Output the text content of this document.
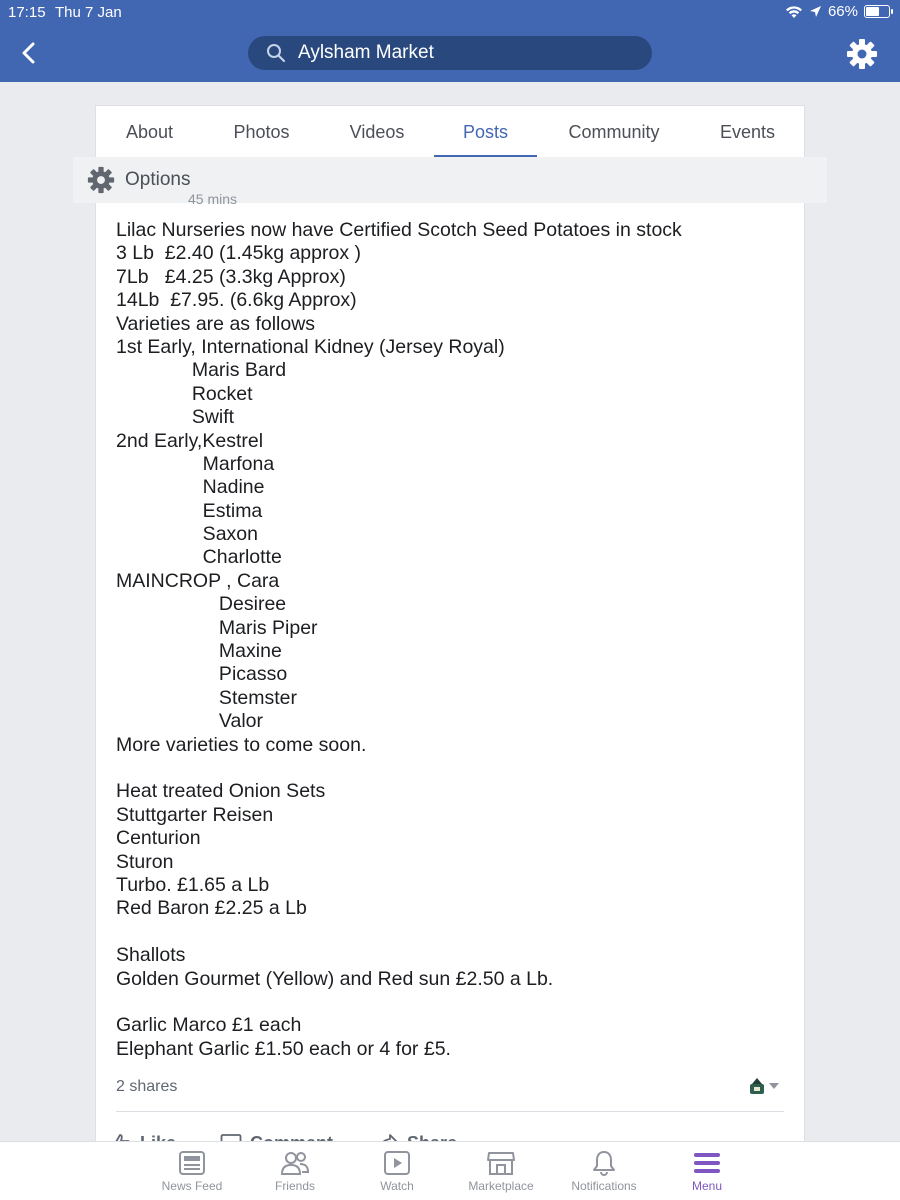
17:15 Thu 7 Jan	66%
Aylsham Market
About	Photos	Videos	Posts	Community	Events
Options
45 mins
Lilac Nurseries now have Certified Scotch Seed Potatoes in stock
3 Lb  £2.40 (1.45kg approx )
7Lb   £4.25 (3.3kg Approx)
14Lb  £7.95. (6.6kg Approx)
Varieties are as follows
1st Early, International Kidney (Jersey Royal)
Maris Bard
Rocket
Swift
2nd Early,Kestrel
Marfona
Nadine
Estima
Saxon
Charlotte
MAINCROP , Cara
Desiree
Maris Piper
Maxine
Picasso
Stemster
Valor
More varieties to come soon.
Heat treated Onion Sets
Stuttgarter Reisen
Centurion
Sturon
Turbo. £1.65 a Lb
Red Baron £2.25 a Lb
Shallots
Golden Gourmet (Yellow) and Red sun £2.50 a Lb.
Garlic Marco £1 each
Elephant Garlic £1.50 each or 4 for £5.
2 shares
News Feed	Friends	Watch	Marketplace	Notifications	Menu
